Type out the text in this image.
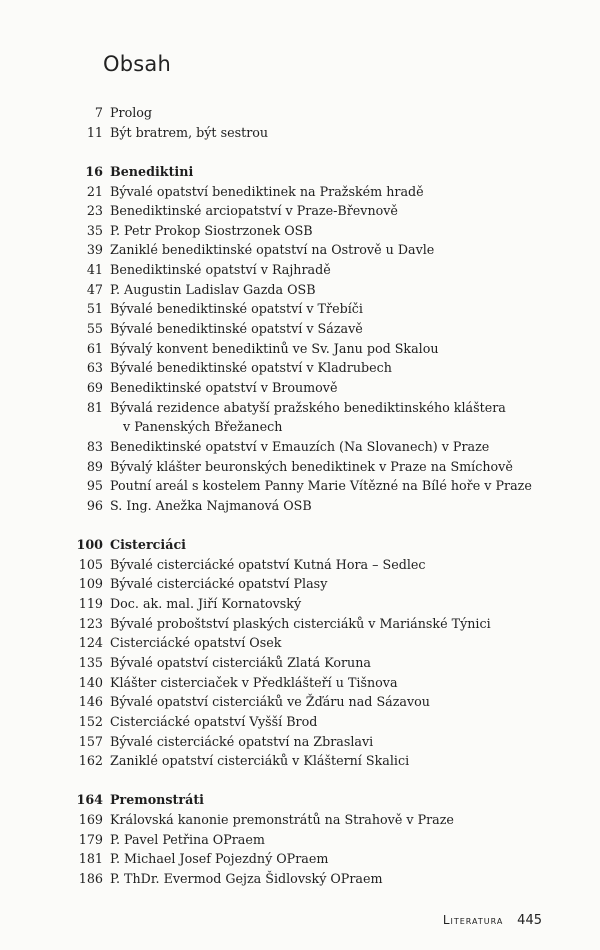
Obsah
7 Prolog
11 Být bratrem, být sestrou
16 Benediktini
21 Bývalé opatství benediktinek na Pražském hradě
23 Benediktinské arciopatství v Praze-Břevnově
35 P. Petr Prokop Siostrzonek OSB
39 Zaniklé benediktinské opatství na Ostrově u Davle
41 Benediktinské opatství v Rajhradě
47 P. Augustin Ladislav Gazda OSB
51 Bývalé benediktinské opatství v Třebíči
55 Bývalé benediktinské opatství v Sázavě
61 Bývalý konvent benediktinů ve Sv. Janu pod Skalou
63 Bývalé benediktinské opatství v Kladrubech
69 Benediktinské opatství v Broumově
81 Bývalá rezidence abatyší pražského benediktinského kláštera
v Panenských Břežanech
83 Benediktinské opatství v Emauzích (Na Slovanech) v Praze
89 Bývalý klášter beuronských benediktinek v Praze na Smíchově
95 Poutní areál s kostelem Panny Marie Vítězné na Bílé hoře v Praze
96 S. Ing. Anežka Najmanová OSB
100 Cisterciáci
105 Bývalé cisterciácké opatství Kutná Hora – Sedlec
109 Bývalé cisterciácké opatství Plasy
119 Doc. ak. mal. Jiří Kornatovský
123 Bývalé proboštství plaských cisterciáků v Mariánské Týnici
124 Cisterciácké opatství Osek
135 Bývalé opatství cisterciáků Zlatá Koruna
140 Klášter cisterciaček v Předklášteří u Tišnova
146 Bývalé opatství cisterciáků ve Žďáru nad Sázavou
152 Cisterciácké opatství Vyšší Brod
157 Bývalé cisterciácké opatství na Zbraslavi
162 Zaniklé opatství cisterciáků v Klášterní Skalici
164 Premonstráti
169 Královská kanonie premonstrátů na Strahově v Praze
179 P. Pavel Petřina OPraem
181 P. Michael Josef Pojezdný OPraem
186 P. ThDr. Evermod Gejza Šidlovský OPraem
Literatura 445
